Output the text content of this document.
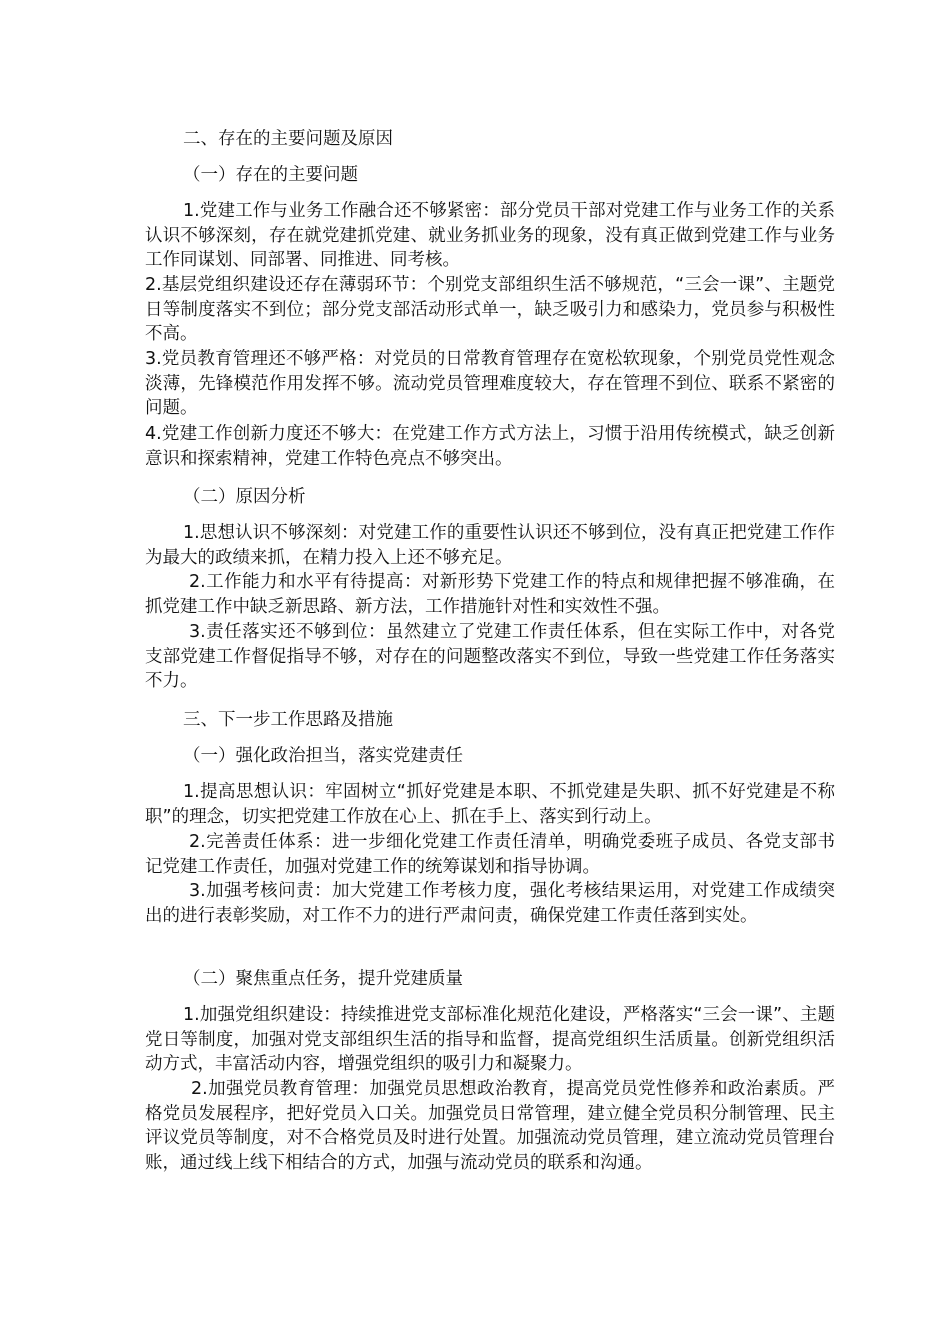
二、存在的主要问题及原因
（一）存在的主要问题

1.党建工作与业务工作融合还不够紧密：部分党员干部对党建工作与业务工作的关系认识不够深刻，存在就党建抓党建、就业务抓业务的现象，没有真正做到党建工作与业务工作同谋划、同部署、同推进、同考核。

2.基层党组织建设还存在薄弱环节：个别党支部组织生活不够规范，“三会一课”、主题党日等制度落实不到位；部分党支部活动形式单一，缺乏吸引力和感染力，党员参与积极性不高。

3.党员教育管理还不够严格：对党员的日常教育管理存在宽松软现象，个别党员党性观念淡薄，先锋模范作用发挥不够。流动党员管理难度较大，存在管理不到位、联系不紧密的问题。

4.党建工作创新力度还不够大：在党建工作方式方法上，习惯于沿用传统模式，缺乏创新意识和探索精神，党建工作特色亮点不够突出。

（二）原因分析

1.思想认识不够深刻：对党建工作的重要性认识还不够到位，没有真正把党建工作作为最大的政绩来抓，在精力投入上还不够充足。

2.工作能力和水平有待提高：对新形势下党建工作的特点和规律把握不够准确，在抓党建工作中缺乏新思路、新方法，工作措施针对性和实效性不强。

3.责任落实还不够到位：虽然建立了党建工作责任体系，但在实际工作中，对各党支部党建工作督促指导不够，对存在的问题整改落实不到位，导致一些党建工作任务落实不力。

三、下一步工作思路及措施
（一）强化政治担当，落实党建责任

1.提高思想认识：牢固树立“抓好党建是本职、不抓党建是失职、抓不好党建是不称职”的理念，切实把党建工作放在心上、抓在手上、落实到行动上。

2.完善责任体系：进一步细化党建工作责任清单，明确党委班子成员、各党支部书记党建工作责任，加强对党建工作的统筹谋划和指导协调。

3.加强考核问责：加大党建工作考核力度，强化考核结果运用，对党建工作成绩突出的进行表彰奖励，对工作不力的进行严肃问责，确保党建工作责任落到实处。

（二）聚焦重点任务，提升党建质量

1.加强党组织建设：持续推进党支部标准化规范化建设，严格落实“三会一课”、主题党日等制度，加强对党支部组织生活的指导和监督，提高党组织生活质量。创新党组织活动方式，丰富活动内容，增强党组织的吸引力和凝聚力。

2.加强党员教育管理：加强党员思想政治教育，提高党员党性修养和政治素质。严格党员发展程序，把好党员入口关。加强党员日常管理，建立健全党员积分制管理、民主评议党员等制度，对不合格党员及时进行处置。加强流动党员管理，建立流动党员管理台账，通过线上线下相结合的方式，加强与流动党员的联系和沟通。
